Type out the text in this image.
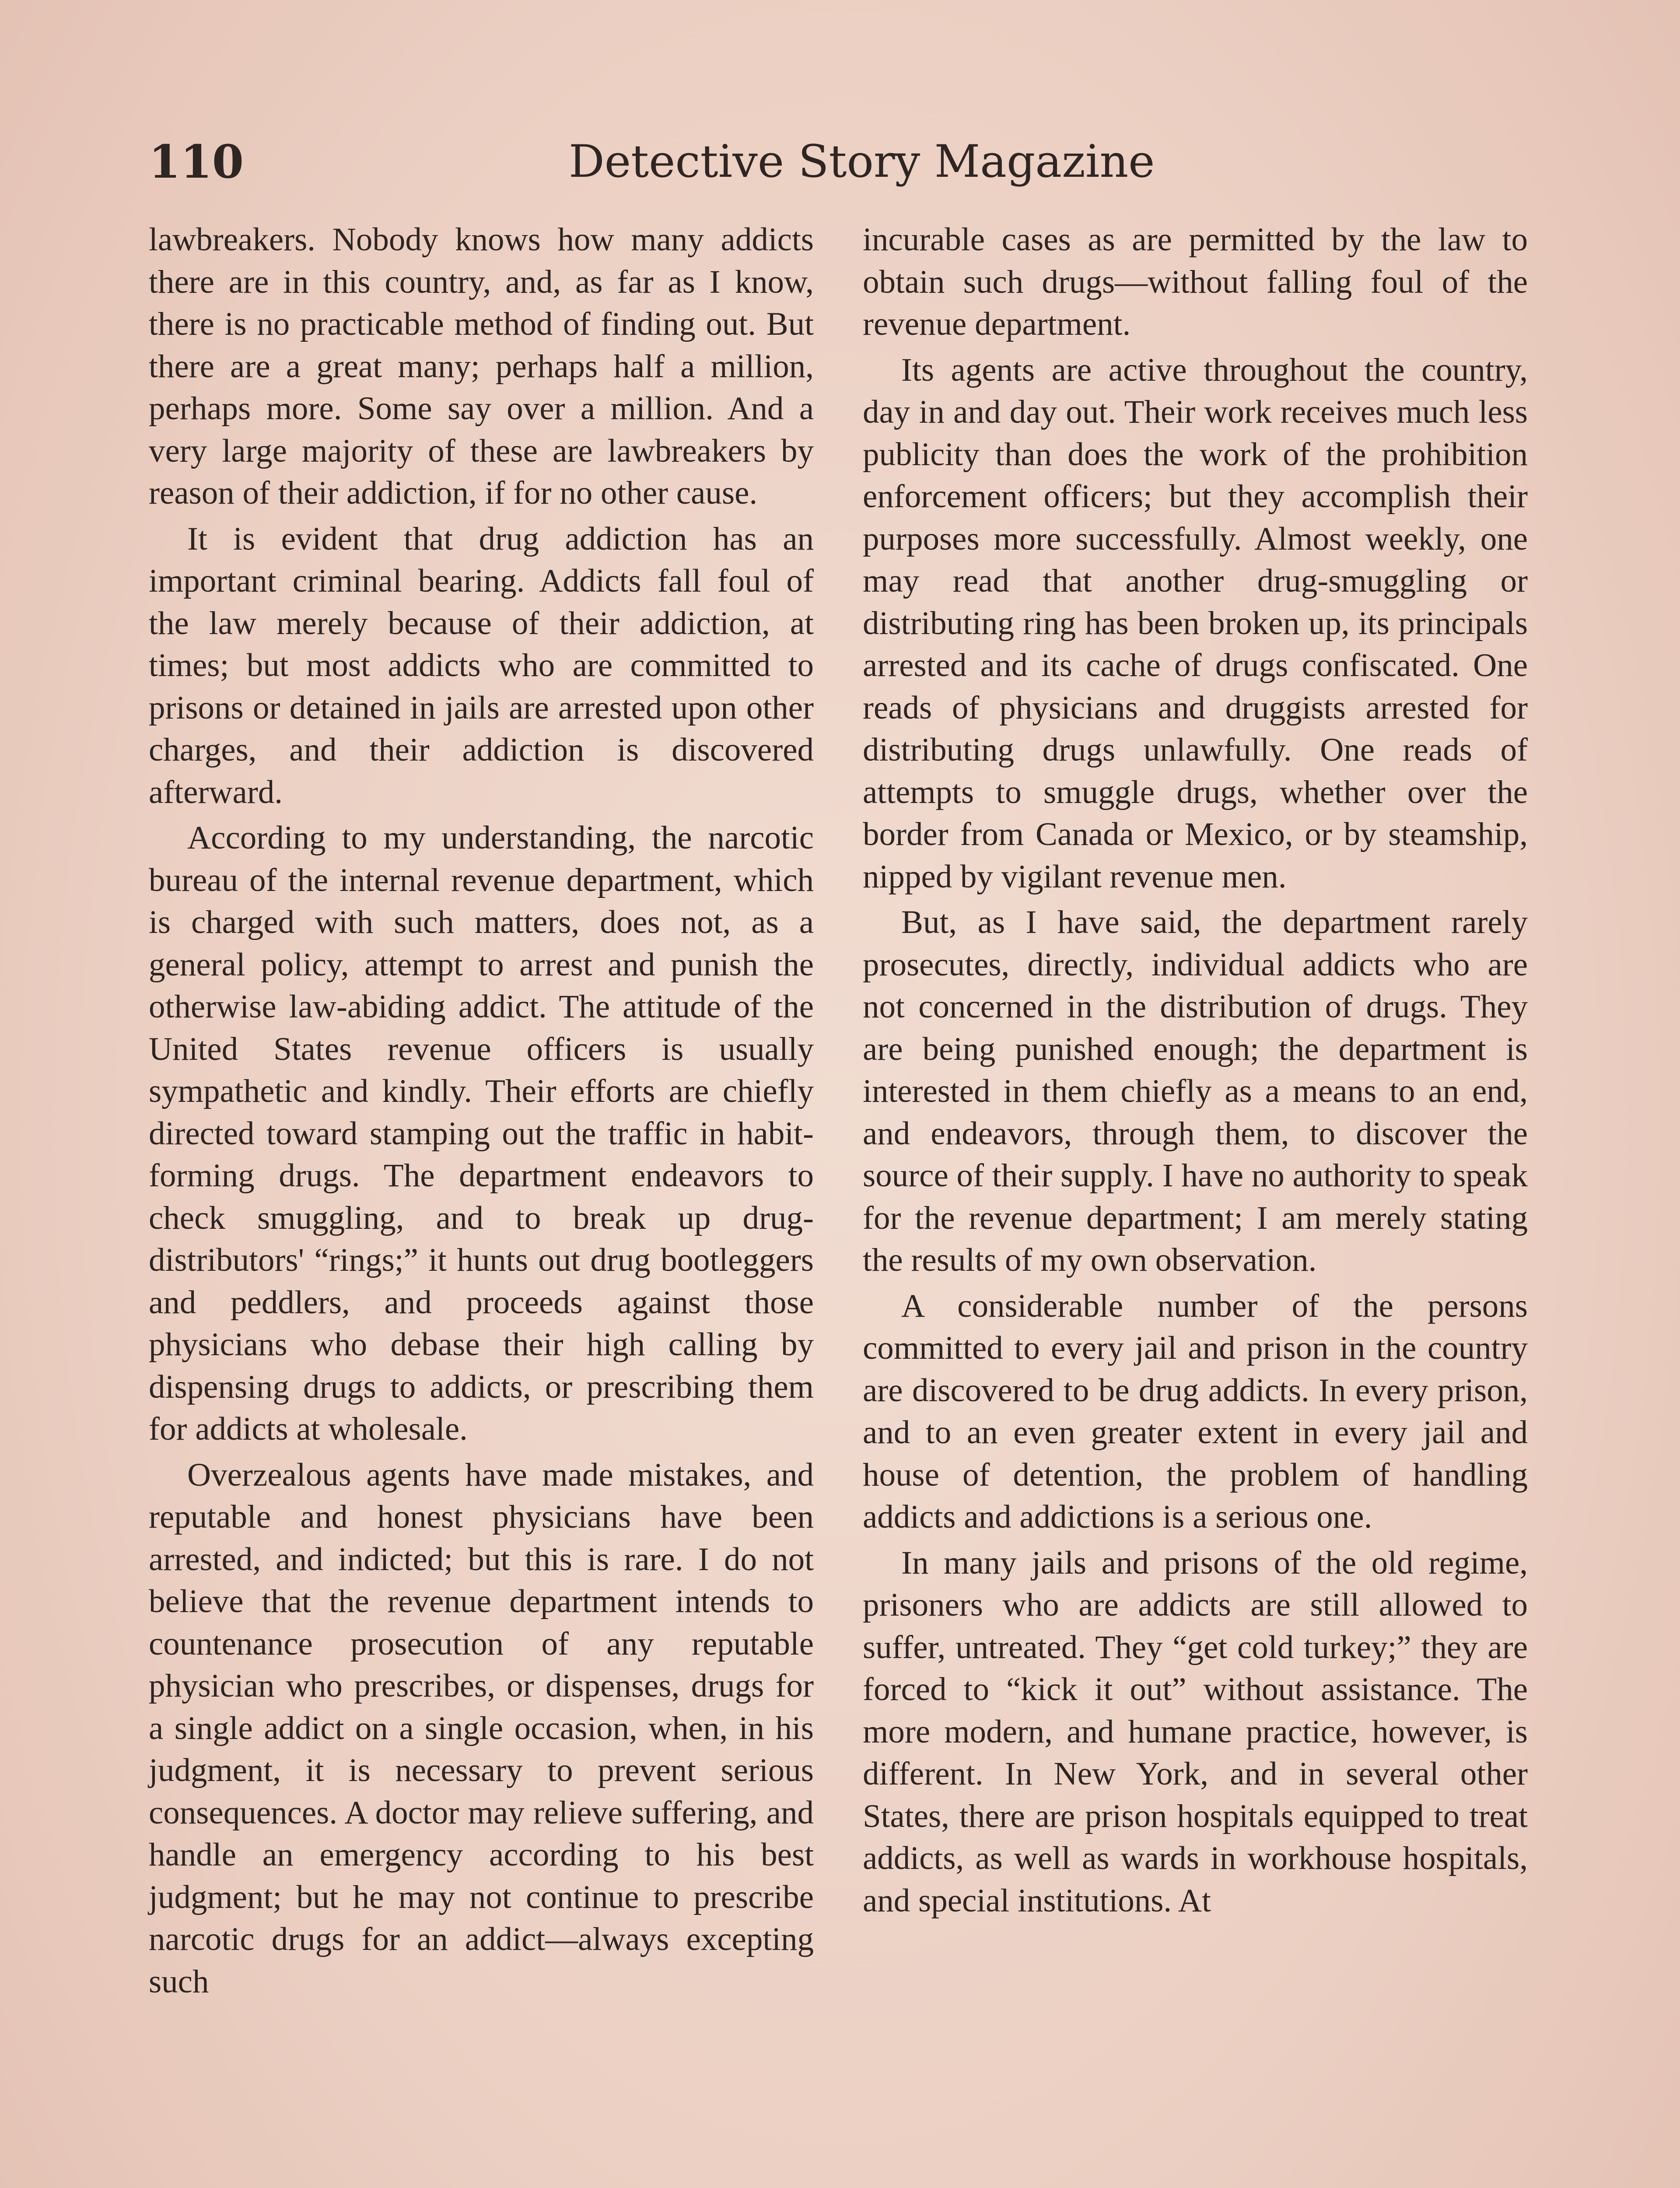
110	Detective Story Magazine

lawbreakers. Nobody knows how many addicts there are in this country, and, as far as I know, there is no practicable method of finding out. But there are a great many; perhaps half a million, perhaps more. Some say over a million. And a very large majority of these are lawbreakers by reason of their addiction, if for no other cause.

It is evident that drug addiction has an important criminal bearing. Addicts fall foul of the law merely because of their addiction, at times; but most addicts who are committed to prisons or detained in jails are arrested upon other charges, and their addiction is discovered afterward.

According to my understanding, the narcotic bureau of the internal revenue department, which is charged with such matters, does not, as a general policy, attempt to arrest and punish the otherwise law-abiding addict. The attitude of the United States revenue officers is usually sympathetic and kindly. Their efforts are chiefly directed toward stamping out the traffic in habit-forming drugs. The department endeavors to check smuggling, and to break up drug-distributors' “rings;” it hunts out drug bootleggers and peddlers, and proceeds against those physicians who debase their high calling by dispensing drugs to addicts, or prescribing them for addicts at wholesale.

Overzealous agents have made mistakes, and reputable and honest physicians have been arrested, and indicted; but this is rare. I do not believe that the revenue department intends to countenance prosecution of any reputable physician who prescribes, or dispenses, drugs for a single addict on a single occasion, when, in his judgment, it is necessary to prevent serious consequences. A doctor may relieve suffering, and handle an emergency according to his best judgment; but he may not continue to prescribe narcotic drugs for an addict—always excepting such

incurable cases as are permitted by the law to obtain such drugs—without falling foul of the revenue department.

Its agents are active throughout the country, day in and day out. Their work receives much less publicity than does the work of the prohibition enforcement officers; but they accomplish their purposes more successfully. Almost weekly, one may read that another drug-smuggling or distributing ring has been broken up, its principals arrested and its cache of drugs confiscated. One reads of physicians and druggists arrested for distributing drugs unlawfully. One reads of attempts to smuggle drugs, whether over the border from Canada or Mexico, or by steamship, nipped by vigilant revenue men.

But, as I have said, the department rarely prosecutes, directly, individual addicts who are not concerned in the distribution of drugs. They are being punished enough; the department is interested in them chiefly as a means to an end, and endeavors, through them, to discover the source of their supply. I have no authority to speak for the revenue department; I am merely stating the results of my own observation.

A considerable number of the persons committed to every jail and prison in the country are discovered to be drug addicts. In every prison, and to an even greater extent in every jail and house of detention, the problem of handling addicts and addictions is a serious one.

In many jails and prisons of the old regime, prisoners who are addicts are still allowed to suffer, untreated. They “get cold turkey;” they are forced to “kick it out” without assistance. The more modern, and humane practice, however, is different. In New York, and in several other States, there are prison hospitals equipped to treat addicts, as well as wards in workhouse hospitals, and special institutions. At
